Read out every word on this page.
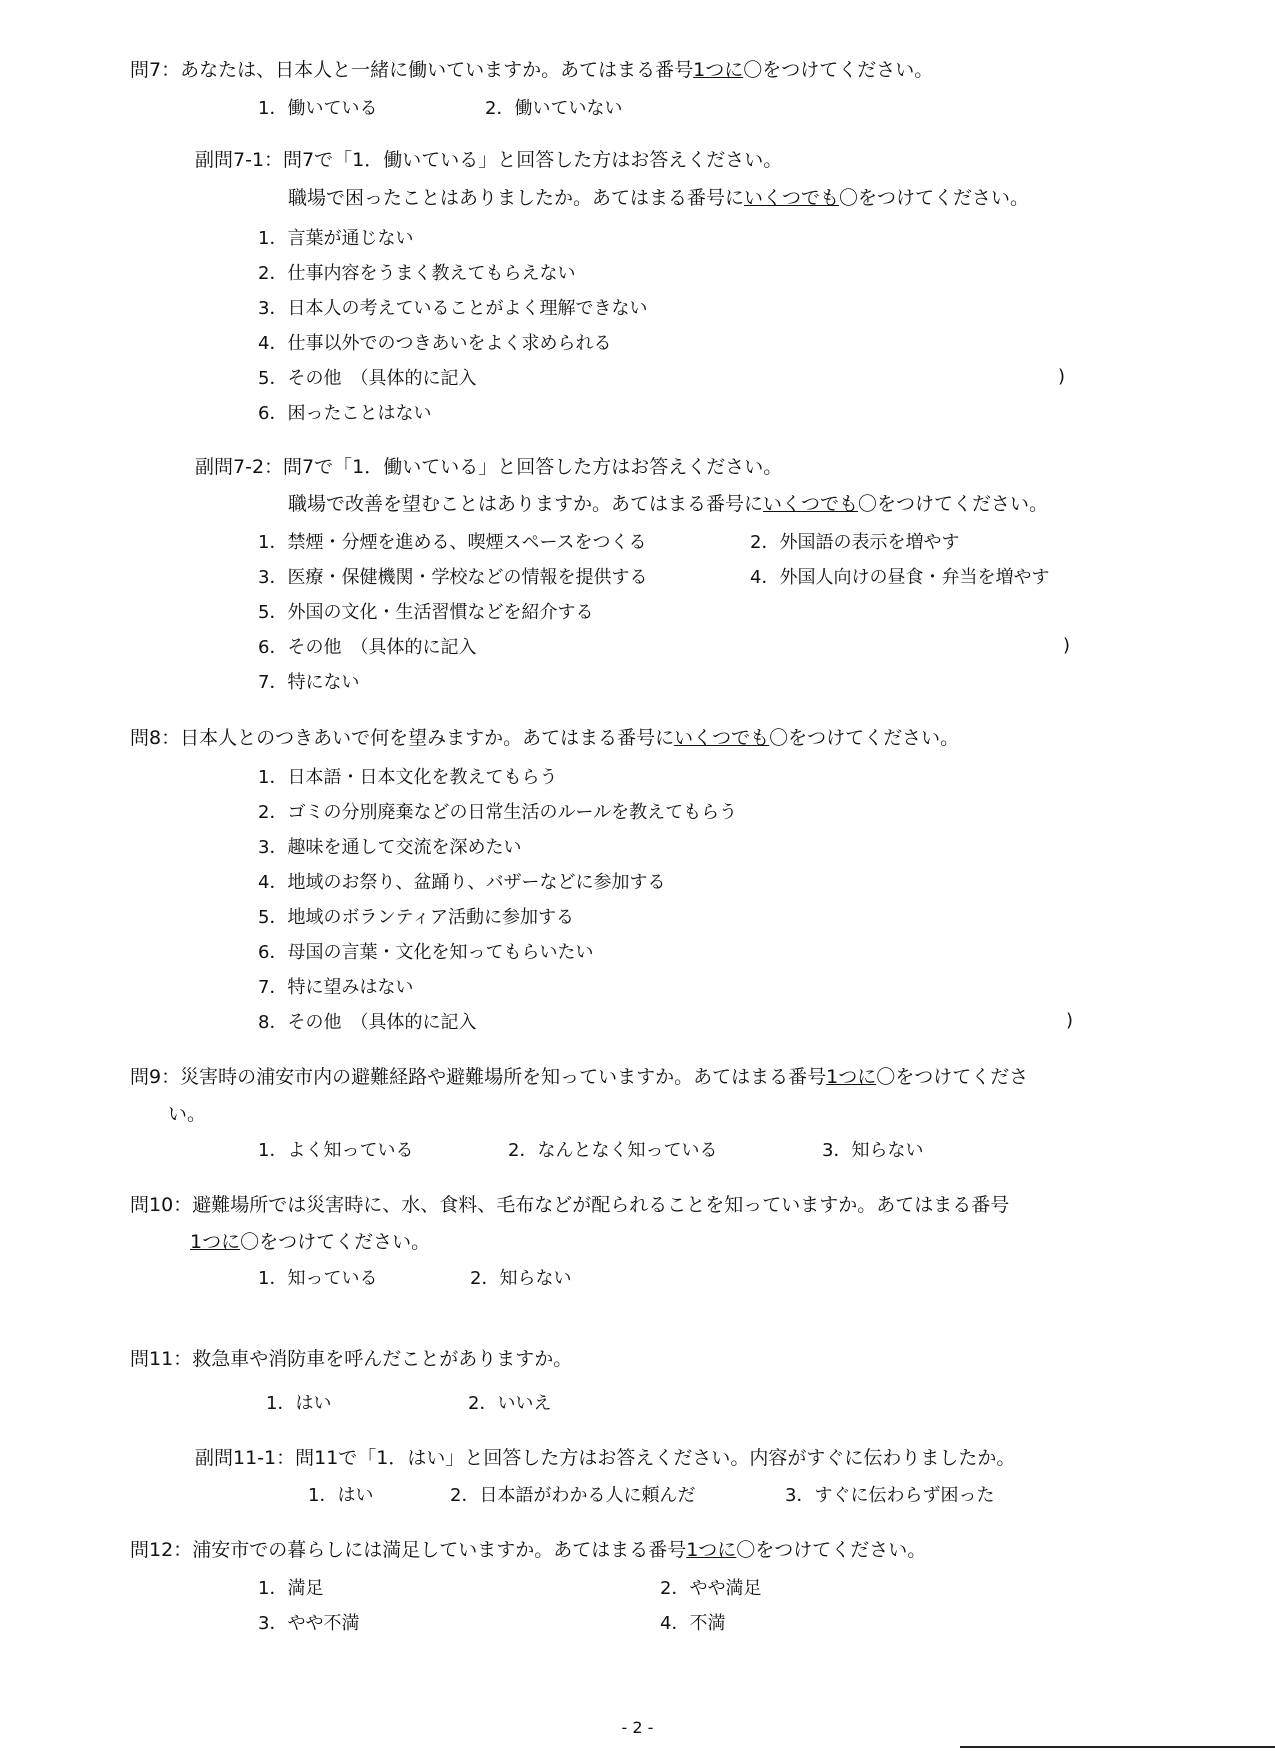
問7：あなたは、日本人と一緒に働いていますか。あてはまる番号1つに〇をつけてください。
1．働いている	2．働いていない
副問7-1：問7で「1．働いている」と回答した方はお答えください。
職場で困ったことはありましたか。あてはまる番号にいくつでも〇をつけてください。
1．言葉が通じない
2．仕事内容をうまく教えてもらえない
3．日本人の考えていることがよく理解できない
4．仕事以外でのつきあいをよく求められる
5．その他　（具体的に記入	)
6．困ったことはない
副問7-2：問7で「1．働いている」と回答した方はお答えください。
職場で改善を望むことはありますか。あてはまる番号にいくつでも〇をつけてください。
1．禁煙・分煙を進める、喫煙スペースをつくる	2．外国語の表示を増やす
3．医療・保健機関・学校などの情報を提供する	4．外国人向けの昼食・弁当を増やす
5．外国の文化・生活習慣などを紹介する
6．その他　（具体的に記入	)
7．特にない
問8：日本人とのつきあいで何を望みますか。あてはまる番号にいくつでも〇をつけてください。
1．日本語・日本文化を教えてもらう
2．ゴミの分別廃棄などの日常生活のルールを教えてもらう
3．趣味を通して交流を深めたい
4．地域のお祭り、盆踊り、バザーなどに参加する
5．地域のボランティア活動に参加する
6．母国の言葉・文化を知ってもらいたい
7．特に望みはない
8．その他　（具体的に記入	)
問9：災害時の浦安市内の避難経路や避難場所を知っていますか。あてはまる番号1つに〇をつけてくださ
い。
1．よく知っている	2．なんとなく知っている	3．知らない
問10：避難場所では災害時に、水、食料、毛布などが配られることを知っていますか。あてはまる番号
1つに〇をつけてください。
1．知っている	2．知らない
問11：救急車や消防車を呼んだことがありますか。
1．はい	2．いいえ
副問11-1：問11で「1．はい」と回答した方はお答えください。内容がすぐに伝わりましたか。
1．はい	2．日本語がわかる人に頼んだ	3．すぐに伝わらず困った
問12：浦安市での暮らしには満足していますか。あてはまる番号1つに〇をつけてください。
1．満足	2．やや満足
3．やや不満	4．不満
- 2 -
